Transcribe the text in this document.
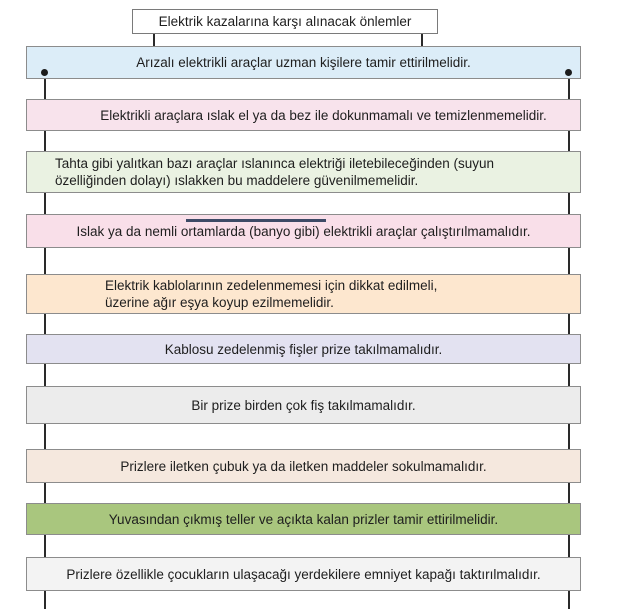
Elektrik kazalarına karşı alınacak önlemler
Arızalı elektrikli araçlar uzman kişilere tamir ettirilmelidir.
Elektrikli araçlara ıslak el ya da bez ile dokunmamalı ve temizlenmemelidir.
Tahta gibi yalıtkan bazı araçlar ıslanınca elektriği iletebileceğinden (suyun
özelliğinden dolayı) ıslakken bu maddelere güvenilmemelidir.
Islak ya da nemli ortamlarda (banyo gibi) elektrikli araçlar çalıştırılmamalıdır.
Elektrik kablolarının zedelenmemesi için dikkat edilmeli,
üzerine ağır eşya koyup ezilmemelidir.
Kablosu zedelenmiş fişler prize takılmamalıdır.
Bir prize birden çok fiş takılmamalıdır.
Prizlere iletken çubuk ya da iletken maddeler sokulmamalıdır.
Yuvasından çıkmış teller ve açıkta kalan prizler tamir ettirilmelidir.
Prizlere özellikle çocukların ulaşacağı yerdekilere emniyet kapağı taktırılmalıdır.
